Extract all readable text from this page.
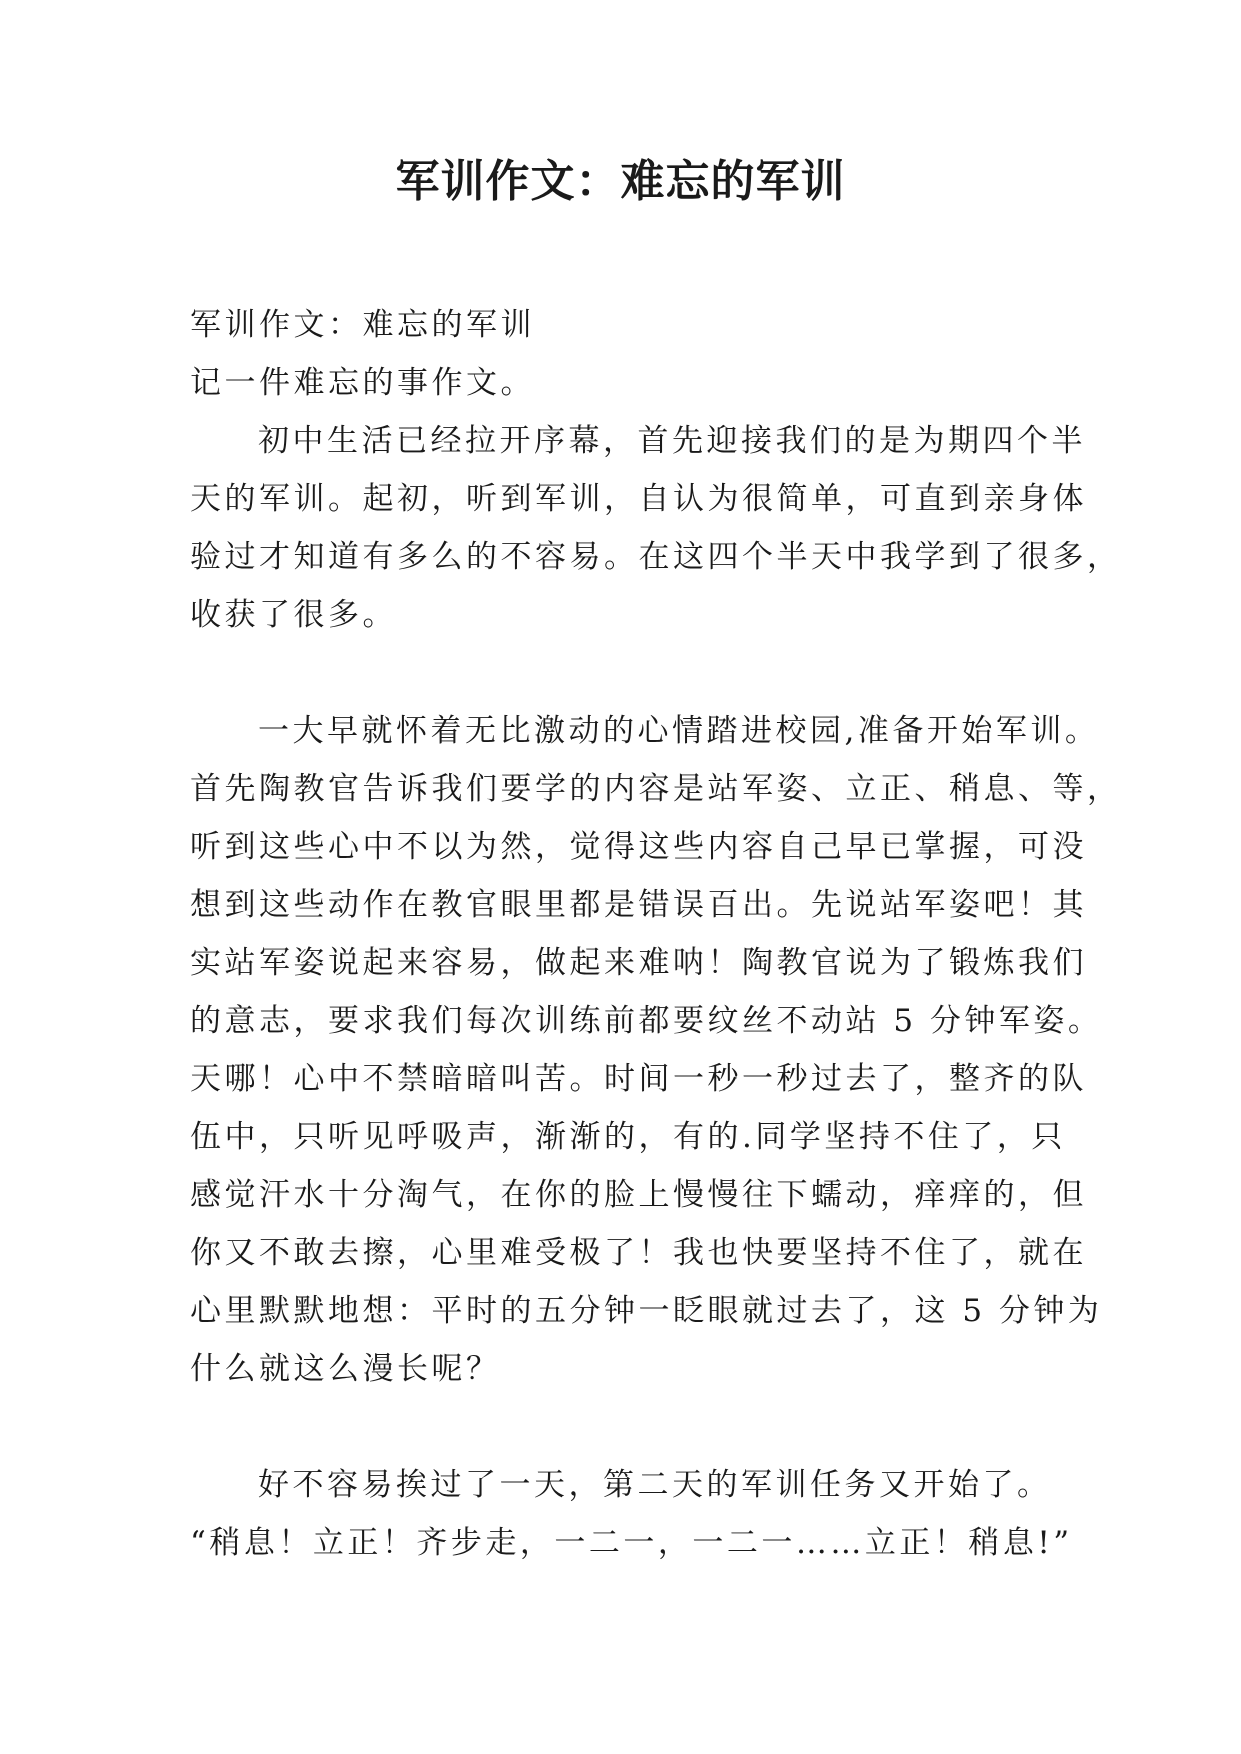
军训作文：难忘的军训
军训作文：难忘的军训
记一件难忘的事作文。
初中生活已经拉开序幕，首先迎接我们的是为期四个半
天的军训。起初，听到军训，自认为很简单，可直到亲身体
验过才知道有多么的不容易。在这四个半天中我学到了很多，
收获了很多。
一大早就怀着无比激动的心情踏进校园,准备开始军训。
首先陶教官告诉我们要学的内容是站军姿、立正、稍息、等，
听到这些心中不以为然，觉得这些内容自己早已掌握，可没
想到这些动作在教官眼里都是错误百出。先说站军姿吧！其
实站军姿说起来容易，做起来难呐！陶教官说为了锻炼我们
的意志，要求我们每次训练前都要纹丝不动站 5 分钟军姿。
天哪！心中不禁暗暗叫苦。时间一秒一秒过去了，整齐的队
伍中，只听见呼吸声，渐渐的，有的.同学坚持不住了，只
感觉汗水十分淘气，在你的脸上慢慢往下蠕动，痒痒的，但
你又不敢去擦，心里难受极了！我也快要坚持不住了，就在
心里默默地想：平时的五分钟一眨眼就过去了，这 5 分钟为
什么就这么漫长呢？
好不容易挨过了一天，第二天的军训任务又开始了。
“稍息！立正！齐步走，一二一，一二一……立正！稍息!”
